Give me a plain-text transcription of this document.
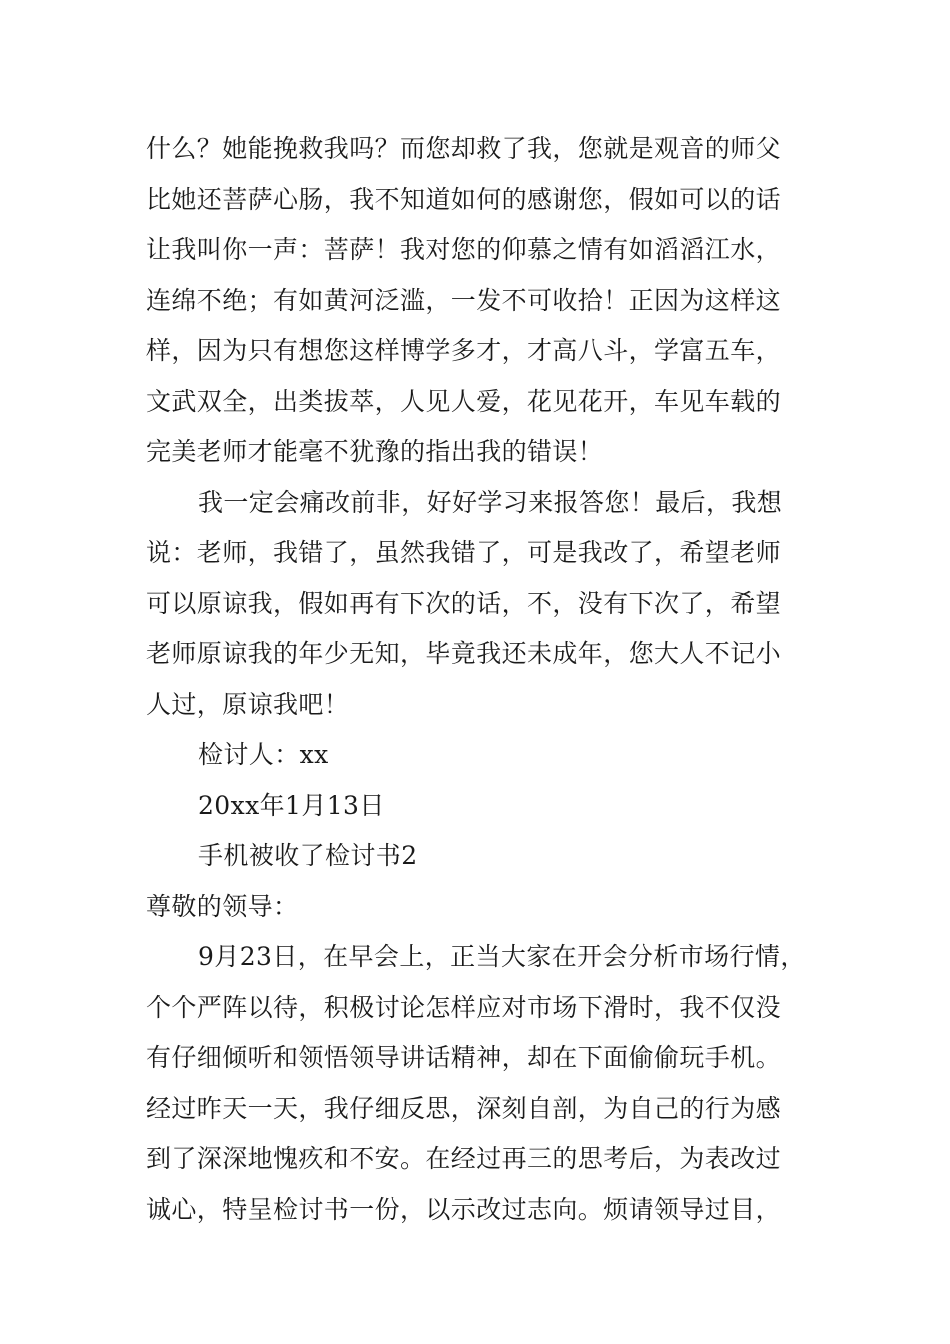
什么？她能挽救我吗？而您却救了我，您就是观音的师父
比她还菩萨心肠，我不知道如何的感谢您，假如可以的话
让我叫你一声：菩萨！我对您的仰慕之情有如滔滔江水，
连绵不绝；有如黄河泛滥，一发不可收拾！正因为这样这
样，因为只有想您这样博学多才，才高八斗，学富五车，
文武双全，出类拔萃，人见人爱，花见花开，车见车载的
完美老师才能毫不犹豫的指出我的错误！
我一定会痛改前非，好好学习来报答您！最后，我想
说：老师，我错了，虽然我错了，可是我改了，希望老师
可以原谅我，假如再有下次的话，不，没有下次了，希望
老师原谅我的年少无知，毕竟我还未成年，您大人不记小
人过，原谅我吧！
检讨人：xx
20xx年1月13日
手机被收了检讨书2
尊敬的领导：
9月23日，在早会上，正当大家在开会分析市场行情，
个个严阵以待，积极讨论怎样应对市场下滑时，我不仅没
有仔细倾听和领悟领导讲话精神，却在下面偷偷玩手机。
经过昨天一天，我仔细反思，深刻自剖，为自己的行为感
到了深深地愧疚和不安。在经过再三的思考后，为表改过
诚心，特呈检讨书一份，以示改过志向。烦请领导过目，
